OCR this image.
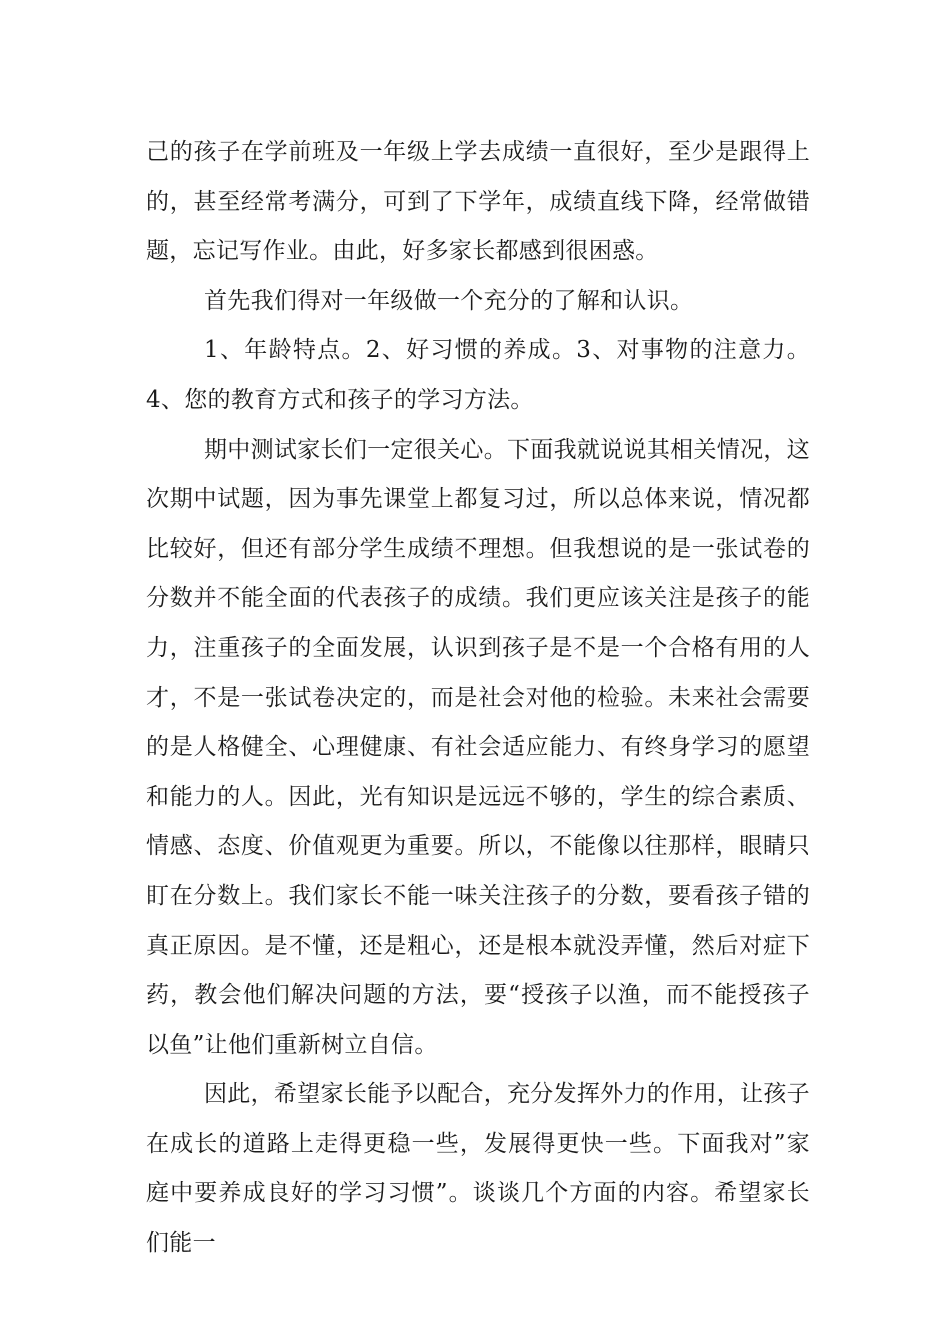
己的孩子在学前班及一年级上学去成绩一直很好，至少是跟得上的，甚至经常考满分，可到了下学年，成绩直线下降，经常做错题，忘记写作业。由此，好多家长都感到很困惑。

首先我们得对一年级做一个充分的了解和认识。

1、年龄特点。2、好习惯的养成。3、对事物的注意力。4、您的教育方式和孩子的学习方法。

期中测试家长们一定很关心。下面我就说说其相关情况，这次期中试题，因为事先课堂上都复习过，所以总体来说，情况都比较好，但还有部分学生成绩不理想。但我想说的是一张试卷的分数并不能全面的代表孩子的成绩。我们更应该关注是孩子的能力，注重孩子的全面发展，认识到孩子是不是一个合格有用的人才，不是一张试卷决定的，而是社会对他的检验。未来社会需要的是人格健全、心理健康、有社会适应能力、有终身学习的愿望和能力的人。因此，光有知识是远远不够的，学生的综合素质、情感、态度、价值观更为重要。所以，不能像以往那样，眼睛只盯在分数上。我们家长不能一味关注孩子的分数，要看孩子错的真正原因。是不懂，还是粗心，还是根本就没弄懂，然后对症下药，教会他们解决问题的方法，要“授孩子以渔，而不能授孩子以鱼”让他们重新树立自信。

因此，希望家长能予以配合，充分发挥外力的作用，让孩子在成长的道路上走得更稳一些，发展得更快一些。下面我对”家庭中要养成良好的学习习惯”。谈谈几个方面的内容。希望家长们能一
